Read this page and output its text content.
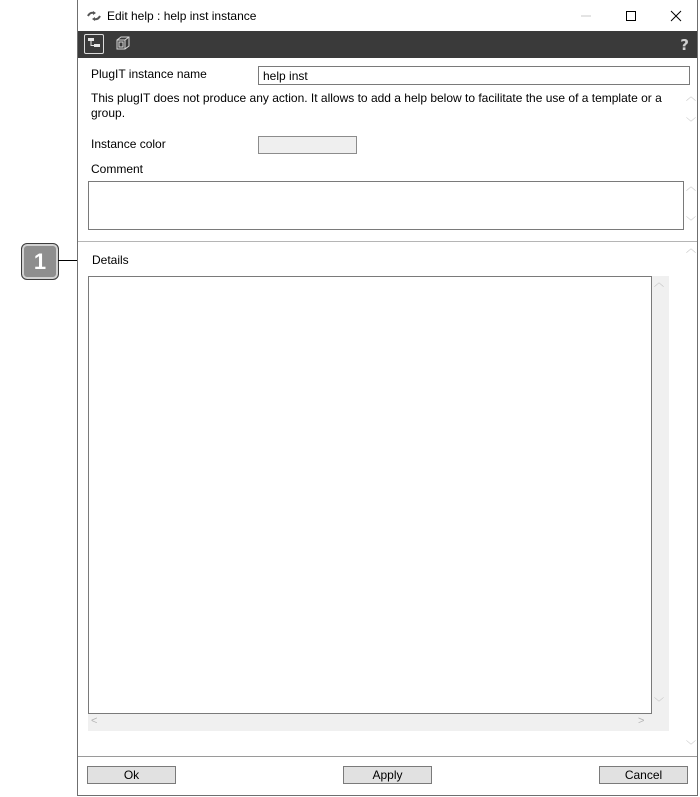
1
Edit help : help inst instance
?
PlugIT instance name
help inst
This plugIT does not produce any action. It allows to add a help below to facilitate the use of a template or a group.
︿
﹀
Instance color
Comment
︿
﹀
Details
︿
﹀
<	>
︿
﹀
Ok	Apply	Cancel
